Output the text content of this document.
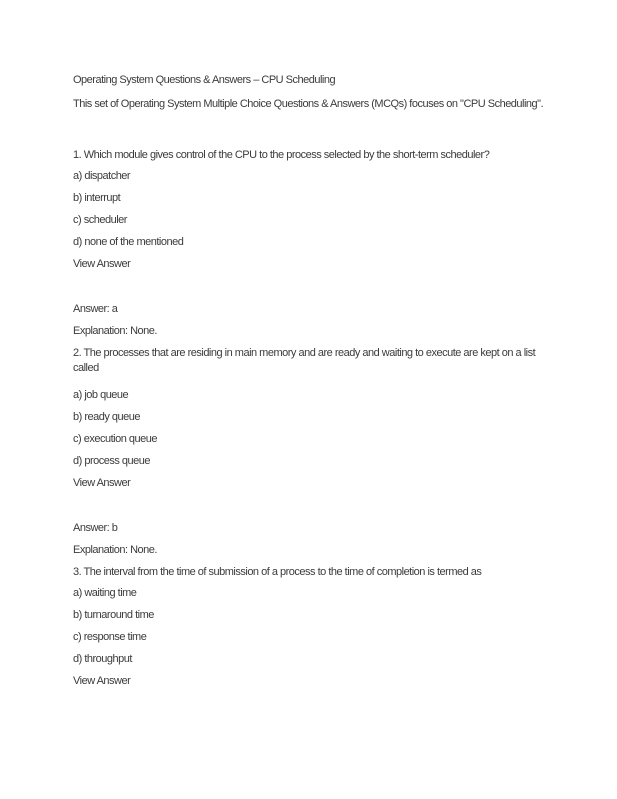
Operating System Questions & Answers – CPU Scheduling

This set of Operating System Multiple Choice Questions & Answers (MCQs) focuses on "CPU Scheduling".

1. Which module gives control of the CPU to the process selected by the short-term scheduler?

a) dispatcher

b) interrupt

c) scheduler

d) none of the mentioned

View Answer

Answer: a

Explanation: None.

2. The processes that are residing in main memory and are ready and waiting to execute are kept on a list called

a) job queue

b) ready queue

c) execution queue

d) process queue

View Answer

Answer: b

Explanation: None.

3. The interval from the time of submission of a process to the time of completion is termed as

a) waiting time

b) turnaround time

c) response time

d) throughput

View Answer
